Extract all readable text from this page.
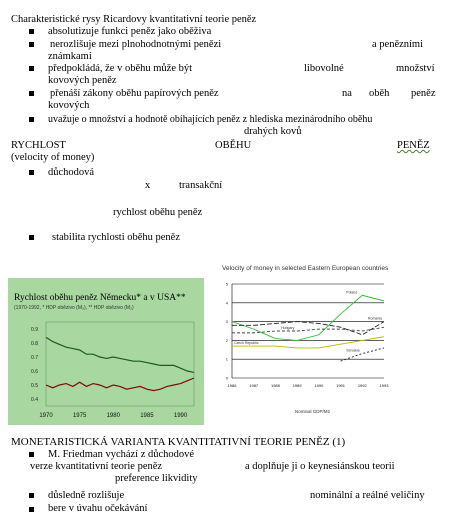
Charakteristické rysy Ricardovy kvantitativní teorie peněz
absolutizuje funkci peněz jako oběživa
nerozlišuje mezi plnohodnotnými penězi	a penězními
známkami
předpokládá, že v oběhu může být	libovolné	množství
kovových peněz
přenáší zákony oběhu papírových peněz	na oběh peněz
kovových
uvažuje o množství a hodnotě obíhajících peněz z hlediska mezinárodního oběhu
drahých kovů
RYCHLOST	OBĚHU	PENĚZ
(velocity of money)
důchodová
x	transakční
rychlost oběhu peněz
stabilita rychlosti oběhu peněz
Rychlost oběhu peněz Německu* a v USA**
(1970-1992, * HDP obězivo (M₃), ** HDP obězivo (M₂)
0.9
0.8
0.7
0.6
0.5
0.4
1970	1975	1980	1985	1990
Velocity of money in selected Eastern European countries
0
1
2
3
4
5
1986	1987	1988	1989	1990	1991	1992	1993
Poland
Hungary
Romania
Czech Republic
Slovakia
Nominal GDP/M2
MONETARISTICKÁ VARIANTA KVANTITATIVNÍ TEORIE PENĚZ (1)
M. Friedman vychází z důchodové
verze kvantitativní teorie peněz	a doplňuje ji o keynesiánskou teorii
preference likvidity
důsledně rozlišuje	nominální a reálné veličiny
bere v úvahu očekávání
